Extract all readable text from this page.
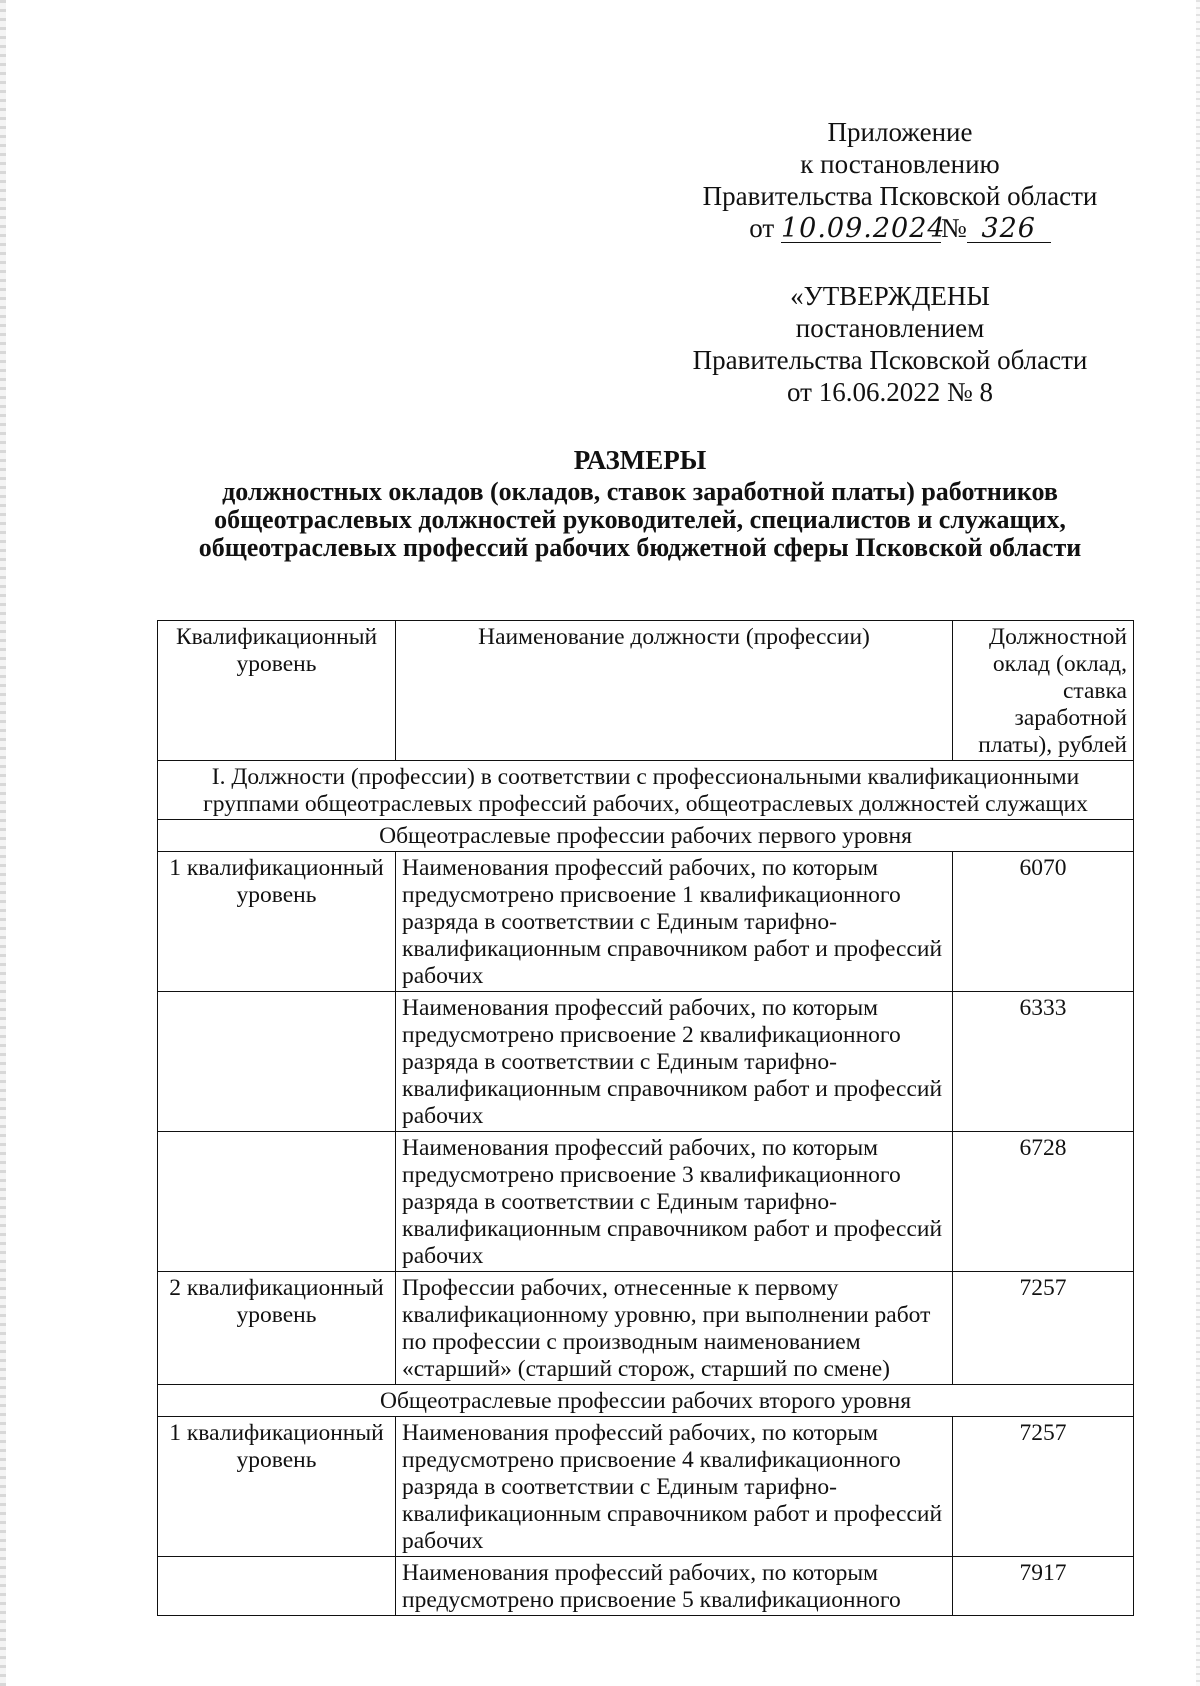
Приложение
к постановлению
Правительства Псковской области
от 10.09.2024№ 326
«УТВЕРЖДЕНЫ
постановлением
Правительства Псковской области
от 16.06.2022 № 8
РАЗМЕРЫ
должностных окладов (окладов, ставок заработной платы) работников общеотраслевых должностей руководителей, специалистов и служащих, общеотраслевых профессий рабочих бюджетной сферы Псковской области
Квалификационный уровень	Наименование должности (профессии)	Должностной оклад (оклад, ставка заработной платы), рублей
I. Должности (профессии) в соответствии с профессиональными квалификационными группами общеотраслевых профессий рабочих, общеотраслевых должностей служащих		
Общеотраслевые профессии рабочих первого уровня		
1 квалификационный уровень	Наименования профессий рабочих, по которым предусмотрено присвоение 1 квалификационного разряда в соответствии с Единым тарифно-квалификационным справочником работ и профессий рабочих	6070
	Наименования профессий рабочих, по которым предусмотрено присвоение 2 квалификационного разряда в соответствии с Единым тарифно-квалификационным справочником работ и профессий рабочих	6333
	Наименования профессий рабочих, по которым предусмотрено присвоение 3 квалификационного разряда в соответствии с Единым тарифно-квалификационным справочником работ и профессий рабочих	6728
2 квалификационный уровень	Профессии рабочих, отнесенные к первому квалификационному уровню, при выполнении работ по профессии с производным наименованием «старший» (старший сторож, старший по смене)	7257
Общеотраслевые профессии рабочих второго уровня		
1 квалификационный уровень	Наименования профессий рабочих, по которым предусмотрено присвоение 4 квалификационного разряда в соответствии с Единым тарифно-квалификационным справочником работ и профессий рабочих	7257
	Наименования профессий рабочих, по которым предусмотрено присвоение 5 квалификационного	7917
